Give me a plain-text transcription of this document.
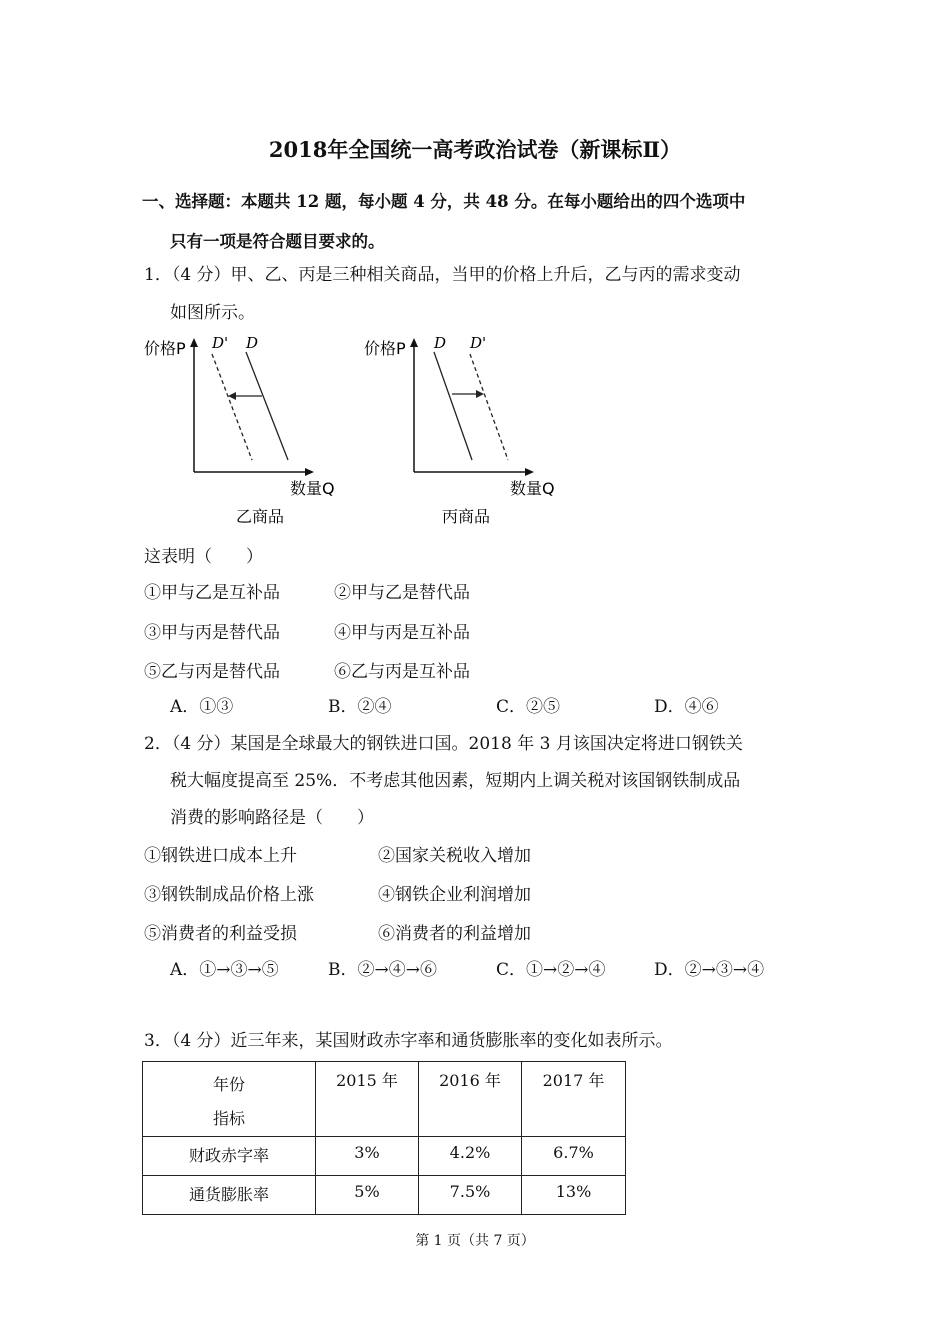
2018年全国统一高考政治试卷（新课标Ⅱ）
一、选择题：本题共 12 题，每小题 4 分，共 48 分。在每小题给出的四个选项中
只有一项是符合题目要求的。
1．（4 分）甲、乙、丙是三种相关商品，当甲的价格上升后，乙与丙的需求变动
如图所示。
价格P D' D
数量Q
乙商品
价格P D D'
数量Q
丙商品
这表明（　　）
①甲与乙是互补品	②甲与乙是替代品
③甲与丙是替代品	④甲与丙是互补品
⑤乙与丙是替代品	⑥乙与丙是互补品
A．①③	B．②④	C．②⑤	D．④⑥
2．（4 分）某国是全球最大的钢铁进口国。2018 年 3 月该国决定将进口钢铁关
税大幅度提高至 25%．不考虑其他因素，短期内上调关税对该国钢铁制成品
消费的影响路径是（　　）
①钢铁进口成本上升	②国家关税收入增加
③钢铁制成品价格上涨	④钢铁企业利润增加
⑤消费者的利益受损	⑥消费者的利益增加
A．①→③→⑤	B．②→④→⑥	C．①→②→④	D．②→③→④
3．（4 分）近三年来，某国财政赤字率和通货膨胀率的变化如表所示。
年份
指标	2015 年	2016 年	2017 年

财政赤字率	3%	4.2%	6.7%

通货膨胀率	5%	7.5%	13%
第 1 页（共 7 页）
